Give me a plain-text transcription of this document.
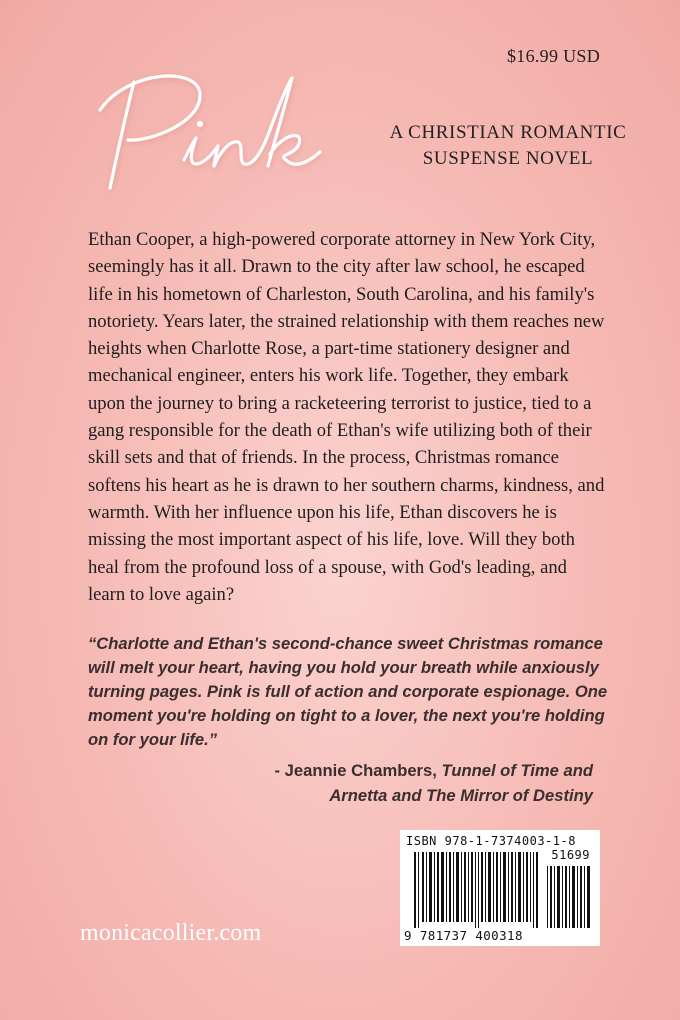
$16.99 USD
A CHRISTIAN ROMANTIC
SUSPENSE NOVEL

Ethan Cooper, a high-powered corporate attorney in New York City, seemingly has it all. Drawn to the city after law school, he escaped life in his hometown of Charleston, South Carolina, and his family's notoriety. Years later, the strained relationship with them reaches new heights when Charlotte Rose, a part-time stationery designer and mechanical engineer, enters his work life. Together, they embark upon the journey to bring a racketeering terrorist to justice, tied to a gang responsible for the death of Ethan's wife utilizing both of their skill sets and that of friends. In the process, Christmas romance softens his heart as he is drawn to her southern charms, kindness, and warmth. With her influence upon his life, Ethan discovers he is missing the most important aspect of his life, love. Will they both heal from the profound loss of a spouse, with God's leading, and learn to love again?

“Charlotte and Ethan's second-chance sweet Christmas romance will melt your heart, having you hold your breath while anxiously turning pages. Pink is full of action and corporate espionage. One moment you're holding on tight to a lover, the next you're holding on for your life.”

- Jeannie Chambers, Tunnel of Time and
Arnetta and The Mirror of Destiny
ISBN 978-1-7374003-1-8
51699
9 781737 400318
monicacollier.com
